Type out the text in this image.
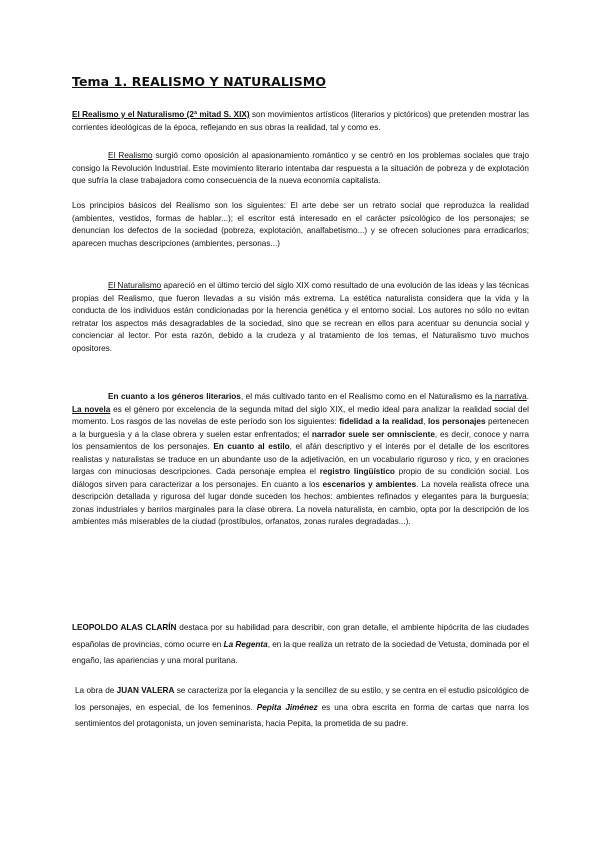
Tema 1. REALISMO Y NATURALISMO

El Realismo y el Naturalismo (2ª mitad S. XIX) son movimientos artísticos (literarios y pictóricos) que pretenden mostrar las corrientes ideológicas de la época, reflejando en sus obras la realidad, tal y como es.

El Realismo surgió como oposición al apasionamiento romántico y se centró en los problemas sociales que trajo consigo la Revolución Industrial. Este movimiento literario intentaba dar respuesta a la situación de pobreza y de explotación que sufría la clase trabajadora como consecuencia de la nueva economía capitalista.

Los principios básicos del Realismo son los siguientes: El arte debe ser un retrato social que reproduzca la realidad (ambientes, vestidos, formas de hablar...); el escritor está interesado en el carácter psicológico de los personajes; se denuncian los defectos de la sociedad (pobreza, explotación, analfabetismo...) y se ofrecen soluciones para erradicarlos; aparecen muchas descripciones (ambientes, personas...)

El Naturalismo apareció en el último tercio del siglo XIX como resultado de una evolución de las ideas y las técnicas propias del Realismo, que fueron llevadas a su visión más extrema. La estética naturalista considera que la vida y la conducta de los individuos están condicionadas por la herencia genética y el entorno social. Los autores no sólo no evitan retratar los aspectos más desagradables de la sociedad, sino que se recrean en ellos para acentuar su denuncia social y concienciar al lector. Por esta razón, debido a la crudeza y al tratamiento de los temas, el Naturalismo tuvo muchos opositores.

En cuanto a los géneros literarios, el más cultivado tanto en el Realismo como en el Naturalismo es la narrativa. La novela es el género por excelencia de la segunda mitad del siglo XIX, el medio ideal para analizar la realidad social del momento. Los rasgos de las novelas de este período son los siguientes: fidelidad a la realidad, los personajes pertenecen a la burguesía y a la clase obrera y suelen estar enfrentados; el narrador suele ser omnisciente, es decir, conoce y narra los pensamientos de los personajes. En cuanto al estilo, el afán descriptivo y el interés por el detalle de los escritores realistas y naturalistas se traduce en un abundante uso de la adjetivación, en un vocabulario riguroso y rico, y en oraciones largas con minuciosas descripciones. Cada personaje emplea el registro lingüístico propio de su condición social. Los diálogos sirven para caracterizar a los personajes. En cuanto a los escenarios y ambientes. La novela realista ofrece una descripción detallada y rigurosa del lugar donde suceden los hechos: ambientes refinados y elegantes para la burguesía; zonas industriales y barrios marginales para la clase obrera. La novela naturalista, en cambio, opta por la descripción de los ambientes más miserables de la ciudad (prostíbulos, orfanatos, zonas rurales degradadas...).

LEOPOLDO ALAS CLARÍN destaca por su habilidad para describir, con gran detalle, el ambiente hipócrita de las ciudades españolas de provincias, como ocurre en La Regenta, en la que realiza un retrato de la sociedad de Vetusta, dominada por el engaño, las apariencias y una moral puritana.

La obra de JUAN VALERA se caracteriza por la elegancia y la sencillez de su estilo, y se centra en el estudio psicológico de los personajes, en especial, de los femeninos. Pepita Jiménez es una obra escrita en forma de cartas que narra los sentimientos del protagonista, un joven seminarista, hacia Pepita, la prometida de su padre.
